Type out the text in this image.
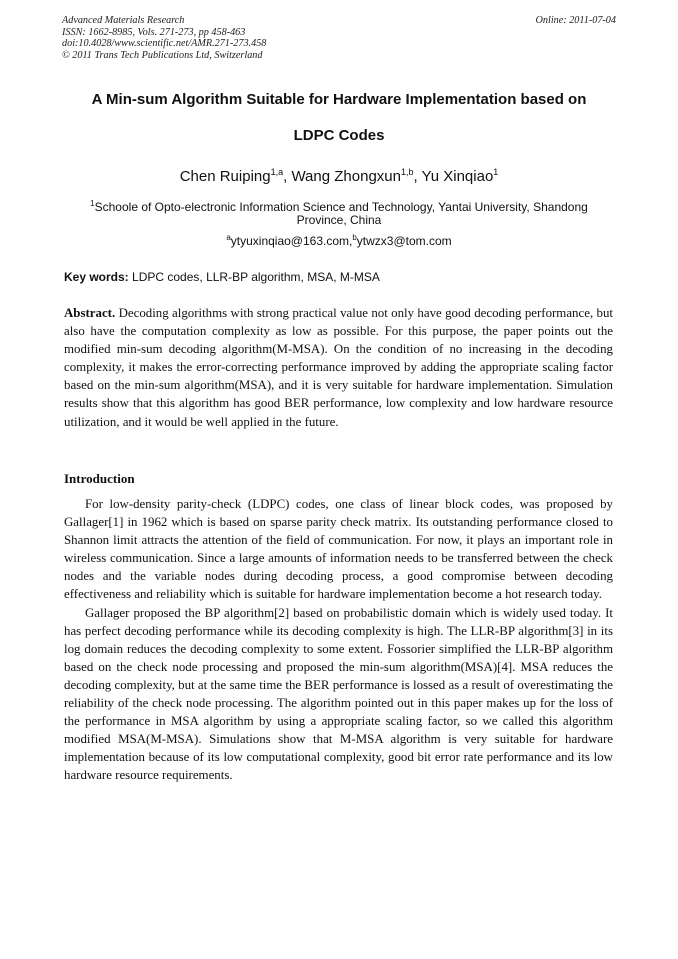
Advanced Materials Research
ISSN: 1662-8985, Vols. 271-273, pp 458-463
doi:10.4028/www.scientific.net/AMR.271-273.458
© 2011 Trans Tech Publications Ltd, Switzerland
Online: 2011-07-04
A Min-sum Algorithm Suitable for Hardware Implementation based on
LDPC Codes
Chen Ruiping$^{1,a}$, Wang Zhongxun$^{1,b}$, Yu Xinqiao$^1$
$^1$Schoole of Opto-electronic Information Science and Technology, Yantai University, Shandong
Province, China
$^a$ytyuxinqiao@163.com,$^b$ytwzx3@tom.com
Key words: LDPC codes, LLR-BP algorithm, MSA, M-MSA

Abstract. Decoding algorithms with strong practical value not only have good decoding performance, but also have the computation complexity as low as possible. For this purpose, the paper points out the modified min-sum decoding algorithm(M-MSA). On the condition of no increasing in the decoding complexity, it makes the error-correcting performance improved by adding the appropriate scaling factor based on the min-sum algorithm(MSA), and it is very suitable for hardware implementation. Simulation results show that this algorithm has good BER performance, low complexity and low hardware resource utilization, and it would be well applied in the future.

Introduction

For low-density parity-check (LDPC) codes, one class of linear block codes, was proposed by Gallager[1] in 1962 which is based on sparse parity check matrix. Its outstanding performance closed to Shannon limit attracts the attention of the field of communication. For now, it plays an important role in wireless communication. Since a large amounts of information needs to be transferred between the check nodes and the variable nodes during decoding process, a good compromise between decoding effectiveness and reliability which is suitable for hardware implementation become a hot research today.

Gallager proposed the BP algorithm[2] based on probabilistic domain which is widely used today. It has perfect decoding performance while its decoding complexity is high. The LLR-BP algorithm[3] in its log domain reduces the decoding complexity to some extent. Fossorier simplified the LLR-BP algorithm based on the check node processing and proposed the min-sum algorithm(MSA)[4]. MSA reduces the decoding complexity, but at the same time the BER performance is lossed as a result of overestimating the reliability of the check node processing. The algorithm pointed out in this paper makes up for the loss of the performance in MSA algorithm by using a appropriate scaling factor, so we called this algorithm modified MSA(M-MSA). Simulations show that M-MSA algorithm is very suitable for hardware implementation because of its low computational complexity, good bit error rate performance and its low hardware resource requirements.
